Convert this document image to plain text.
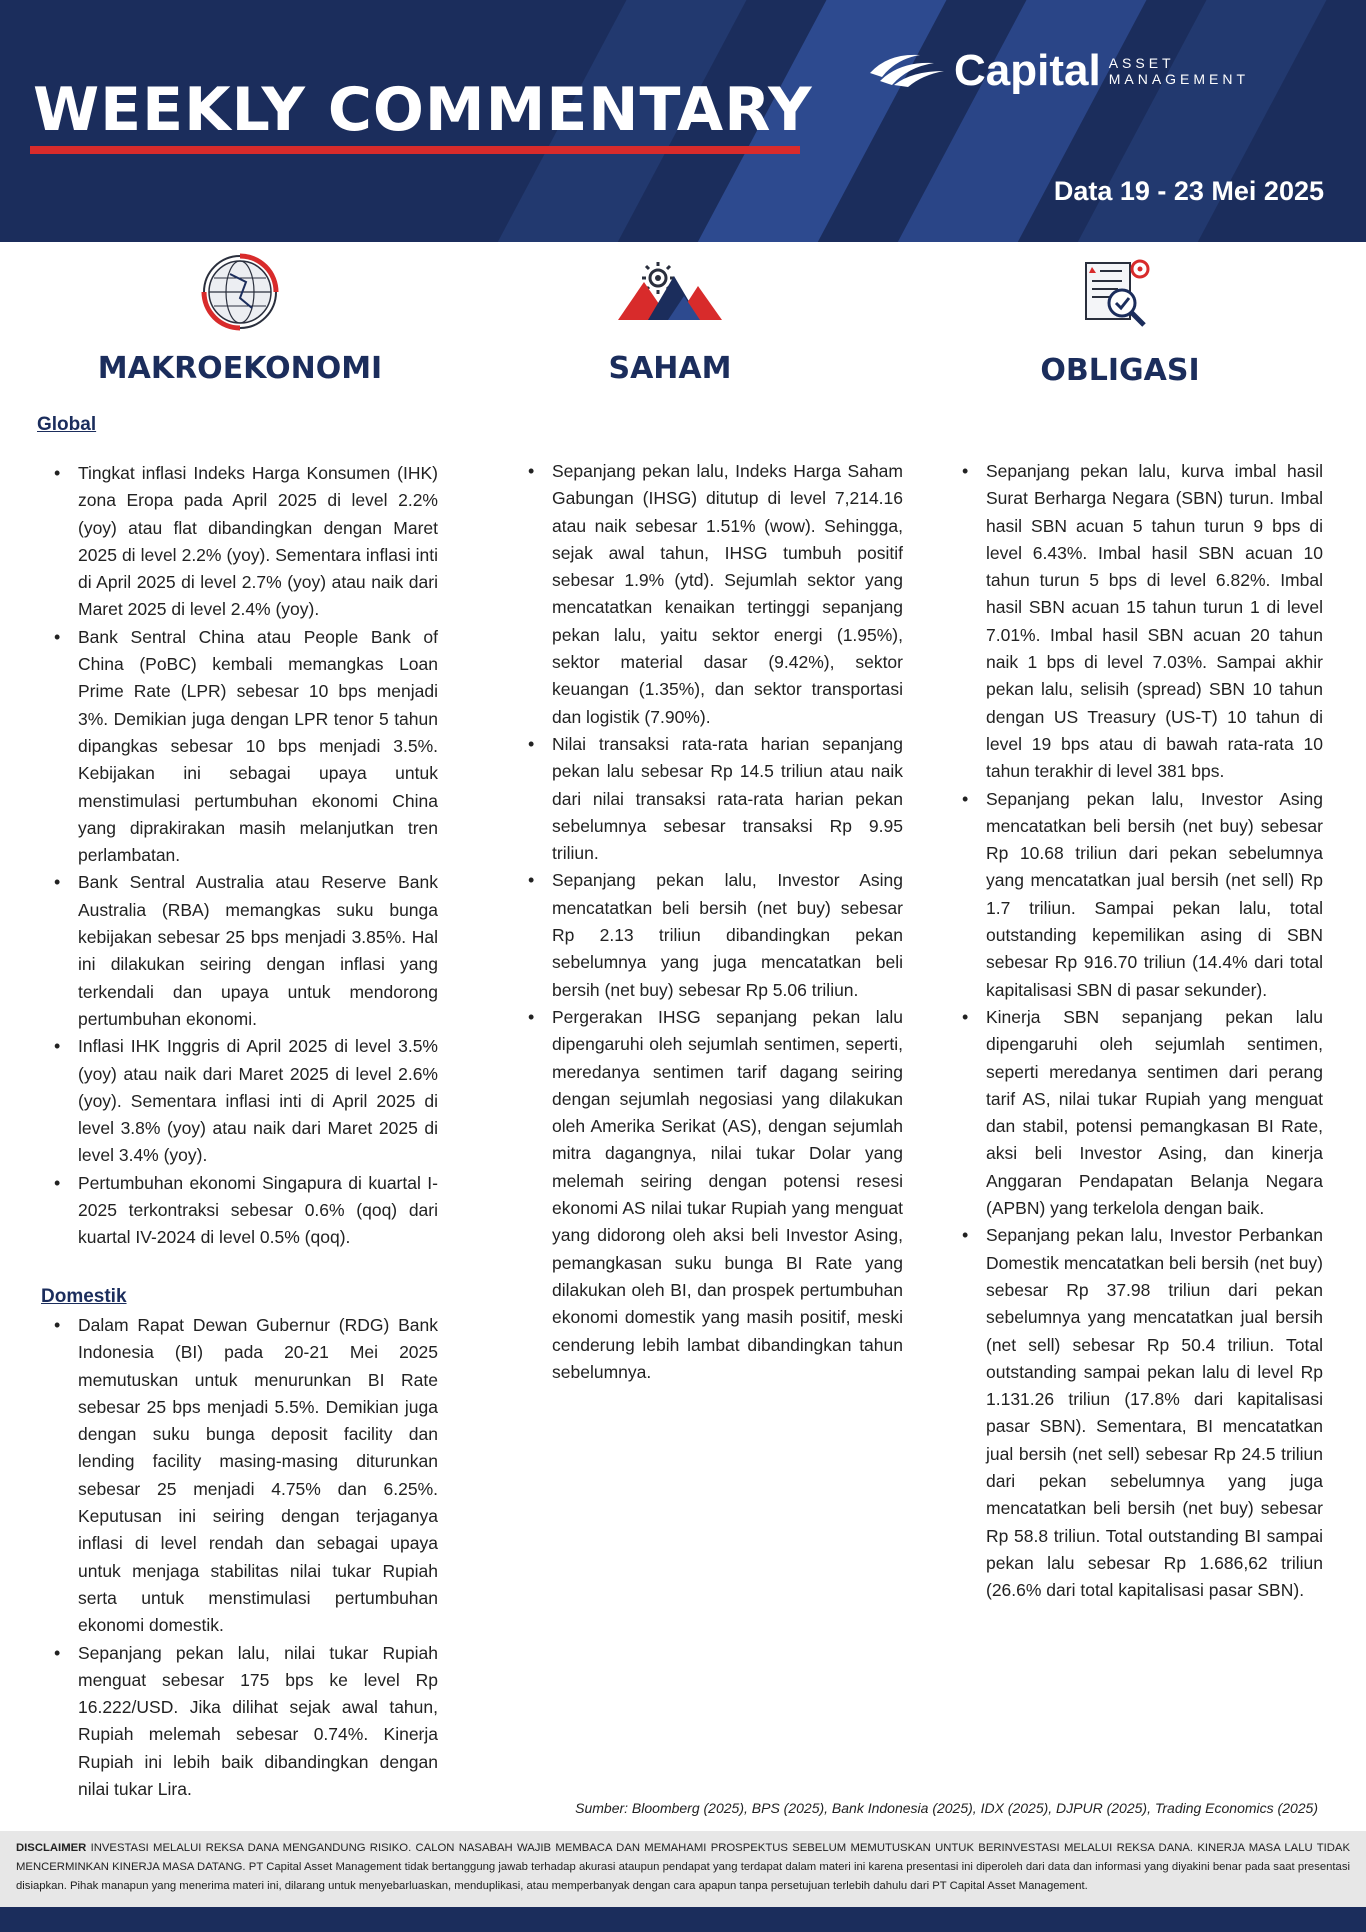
WEEKLY COMMENTARY
Capital ASSET
MANAGEMENT
Data 19 - 23 Mei 2025
MAKROEKONOMI	SAHAM	OBLIGASI
Global
• Tingkat inflasi Indeks Harga Konsumen (IHK) zona Eropa pada April 2025 di level 2.2% (yoy) atau flat dibandingkan dengan Maret 2025 di level 2.2% (yoy). Sementara inflasi inti di April 2025 di level 2.7% (yoy) atau naik dari Maret 2025 di level 2.4% (yoy).
• Bank Sentral China atau People Bank of China (PoBC) kembali memangkas Loan Prime Rate (LPR) sebesar 10 bps menjadi 3%. Demikian juga dengan LPR tenor 5 tahun dipangkas sebesar 10 bps menjadi 3.5%. Kebijakan ini sebagai upaya untuk menstimulasi pertumbuhan ekonomi China yang diprakirakan masih melanjutkan tren perlambatan.
• Bank Sentral Australia atau Reserve Bank Australia (RBA) memangkas suku bunga kebijakan sebesar 25 bps menjadi 3.85%. Hal ini dilakukan seiring dengan inflasi yang terkendali dan upaya untuk mendorong pertumbuhan ekonomi.
• Inflasi IHK Inggris di April 2025 di level 3.5% (yoy) atau naik dari Maret 2025 di level 2.6% (yoy). Sementara inflasi inti di April 2025 di level 3.8% (yoy) atau naik dari Maret 2025 di level 3.4% (yoy).
• Pertumbuhan ekonomi Singapura di kuartal I-2025 terkontraksi sebesar 0.6% (qoq) dari kuartal IV-2024 di level 0.5% (qoq).
Domestik
• Dalam Rapat Dewan Gubernur (RDG) Bank Indonesia (BI) pada 20-21 Mei 2025 memutuskan untuk menurunkan BI Rate sebesar 25 bps menjadi 5.5%. Demikian juga dengan suku bunga deposit facility dan lending facility masing-masing diturunkan sebesar 25 menjadi 4.75% dan 6.25%. Keputusan ini seiring dengan terjaganya inflasi di level rendah dan sebagai upaya untuk menjaga stabilitas nilai tukar Rupiah serta untuk menstimulasi pertumbuhan ekonomi domestik.
• Sepanjang pekan lalu, nilai tukar Rupiah menguat sebesar 175 bps ke level Rp 16.222/USD. Jika dilihat sejak awal tahun, Rupiah melemah sebesar 0.74%. Kinerja Rupiah ini lebih baik dibandingkan dengan nilai tukar Lira.
• Sepanjang pekan lalu, Indeks Harga Saham Gabungan (IHSG) ditutup di level 7,214.16 atau naik sebesar 1.51% (wow). Sehingga, sejak awal tahun, IHSG tumbuh positif sebesar 1.9% (ytd). Sejumlah sektor yang mencatatkan kenaikan tertinggi sepanjang pekan lalu, yaitu sektor energi (1.95%), sektor material dasar (9.42%), sektor keuangan (1.35%), dan sektor transportasi dan logistik (7.90%).
• Nilai transaksi rata-rata harian sepanjang pekan lalu sebesar Rp 14.5 triliun atau naik dari nilai transaksi rata-rata harian pekan sebelumnya sebesar transaksi Rp 9.95 triliun.
• Sepanjang pekan lalu, Investor Asing mencatatkan beli bersih (net buy) sebesar Rp 2.13 triliun dibandingkan pekan sebelumnya yang juga mencatatkan beli bersih (net buy) sebesar Rp 5.06 triliun.
• Pergerakan IHSG sepanjang pekan lalu dipengaruhi oleh sejumlah sentimen, seperti, meredanya sentimen tarif dagang seiring dengan sejumlah negosiasi yang dilakukan oleh Amerika Serikat (AS), dengan sejumlah mitra dagangnya, nilai tukar Dolar yang melemah seiring dengan potensi resesi ekonomi AS nilai tukar Rupiah yang menguat yang didorong oleh aksi beli Investor Asing, pemangkasan suku bunga BI Rate yang dilakukan oleh BI, dan prospek pertumbuhan ekonomi domestik yang masih positif, meski cenderung lebih lambat dibandingkan tahun sebelumnya.
• Sepanjang pekan lalu, kurva imbal hasil Surat Berharga Negara (SBN) turun. Imbal hasil SBN acuan 5 tahun turun 9 bps di level 6.43%. Imbal hasil SBN acuan 10 tahun turun 5 bps di level 6.82%. Imbal hasil SBN acuan 15 tahun turun 1 di level 7.01%. Imbal hasil SBN acuan 20 tahun naik 1 bps di level 7.03%. Sampai akhir pekan lalu, selisih (spread) SBN 10 tahun dengan US Treasury (US-T) 10 tahun di level 19 bps atau di bawah rata-rata 10 tahun terakhir di level 381 bps.
• Sepanjang pekan lalu, Investor Asing mencatatkan beli bersih (net buy) sebesar Rp 10.68 triliun dari pekan sebelumnya yang mencatatkan jual bersih (net sell) Rp 1.7 triliun. Sampai pekan lalu, total outstanding kepemilikan asing di SBN sebesar Rp 916.70 triliun (14.4% dari total kapitalisasi SBN di pasar sekunder).
• Kinerja SBN sepanjang pekan lalu dipengaruhi oleh sejumlah sentimen, seperti meredanya sentimen dari perang tarif AS, nilai tukar Rupiah yang menguat dan stabil, potensi pemangkasan BI Rate, aksi beli Investor Asing, dan kinerja Anggaran Pendapatan Belanja Negara (APBN) yang terkelola dengan baik.
• Sepanjang pekan lalu, Investor Perbankan Domestik mencatatkan beli bersih (net buy) sebesar Rp 37.98 triliun dari pekan sebelumnya yang mencatatkan jual bersih (net sell) sebesar Rp 50.4 triliun. Total outstanding sampai pekan lalu di level Rp 1.131.26 triliun (17.8% dari kapitalisasi pasar SBN). Sementara, BI mencatatkan jual bersih (net sell) sebesar Rp 24.5 triliun dari pekan sebelumnya yang juga mencatatkan beli bersih (net buy) sebesar Rp 58.8 triliun. Total outstanding BI sampai pekan lalu sebesar Rp 1.686,62 triliun (26.6% dari total kapitalisasi pasar SBN).
Sumber: Bloomberg (2025), BPS (2025), Bank Indonesia (2025), IDX (2025), DJPUR (2025), Trading Economics (2025)
DISCLAIMER INVESTASI MELALUI REKSA DANA MENGANDUNG RISIKO. CALON NASABAH WAJIB MEMBACA DAN MEMAHAMI PROSPEKTUS SEBELUM MEMUTUSKAN UNTUK BERINVESTASI MELALUI REKSA DANA. KINERJA MASA LALU TIDAK MENCERMINKAN KINERJA MASA DATANG. PT Capital Asset Management tidak bertanggung jawab terhadap akurasi ataupun pendapat yang terdapat dalam materi ini karena presentasi ini diperoleh dari data dan informasi yang diyakini benar pada saat presentasi disiapkan. Pihak manapun yang menerima materi ini, dilarang untuk menyebarluaskan, menduplikasi, atau memperbanyak dengan cara apapun tanpa persetujuan terlebih dahulu dari PT Capital Asset Management.
